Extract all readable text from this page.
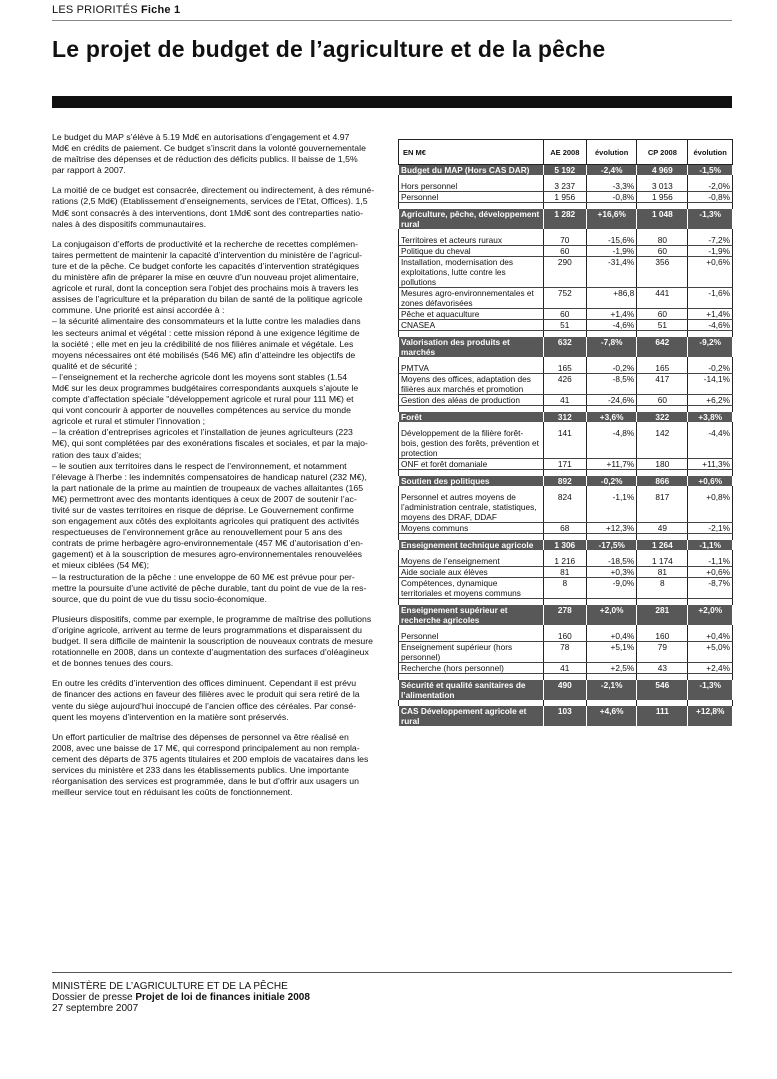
LES PRIORITÉS Fiche 1
Le projet de budget de l’agriculture et de la pêche

Le budget du MAP s’élève à 5.19 Md€ en autorisations d’engagement et 4.97
Md€ en crédits de paiement. Ce budget s’inscrit dans la volonté gouvernementale
de maîtrise des dépenses et de réduction des déficits publics. Il baisse de 1,5%
par rapport à 2007.

La moitié de ce budget est consacrée, directement ou indirectement, à des rémuné-
rations (2,5 Md€) (Etablissement d’enseignements, services de l’Etat, Offices). 1,5
Md€ sont consacrés à des interventions, dont 1Md€ sont des contreparties natio-
nales à des dispositifs communautaires.

La conjugaison d’efforts de productivité et la recherche de recettes complémen-
taires permettent de maintenir la capacité d’intervention du ministère de l’agricul-
ture et de la pêche. Ce budget conforte les capacités d’intervention stratégiques
du ministère afin de préparer la mise en œuvre d’un nouveau projet alimentaire,
agricole et rural, dont la conception sera l’objet des prochains mois à travers les
assises de l’agriculture et la préparation du bilan de santé de la politique agricole
commune. Une priorité est ainsi accordée à :
– la sécurité alimentaire des consommateurs et la lutte contre les maladies dans
les secteurs animal et végétal : cette mission répond à une exigence légitime de
la société ; elle met en jeu la crédibilité de nos filières animale et végétale. Les
moyens nécessaires ont été mobilisés (546 M€) afin d’atteindre les objectifs de
qualité et de sécurité ;
– l’enseignement et la recherche agricole dont les moyens sont stables (1.54
Md€ sur les deux programmes budgétaires correspondants auxquels s’ajoute le
compte d’affectation spéciale "développement agricole et rural pour 111 M€) et
qui vont concourir à apporter de nouvelles compétences au service du monde
agricole et rural et stimuler l’innovation ;
– la création d’entreprises agricoles et l’installation de jeunes agriculteurs (223
M€), qui sont complétées par des exonérations fiscales et sociales, et par la majo-
ration des taux d’aides;
– le soutien aux territoires dans le respect de l’environnement, et notamment
l’élevage à l’herbe : les indemnités compensatoires de handicap naturel (232 M€),
la part nationale de la prime au maintien de troupeaux de vaches allaitantes (165
M€) permettront avec des montants identiques à ceux de 2007 de soutenir l’ac-
tivité sur de vastes territoires en risque de déprise. Le Gouvernement confirme
son engagement aux côtés des exploitants agricoles qui pratiquent des activités
respectueuses de l’environnement grâce au renouvellement pour 5 ans des
contrats de prime herbagère agro-environnementale (457 M€ d’autorisation d’en-
gagement) et à la souscription de mesures agro-environnementales renouvelées
et mieux ciblées (54 M€);
– la restructuration de la pêche : une enveloppe de 60 M€ est prévue pour per-
mettre la poursuite d’une activité de pêche durable, tant du point de vue de la res-
source, que du point de vue du tissu socio-économique.

Plusieurs dispositifs, comme par exemple, le programme de maîtrise des pollutions
d’origine agricole, arrivent au terme de leurs programmations et disparaissent du
budget. Il sera difficile de maintenir la souscription de nouveaux contrats de mesure
rotationnelle en 2008, dans un contexte d’augmentation des surfaces d’oléagineux
et de bonnes tenues des cours.

En outre les crédits d’intervention des offices diminuent. Cependant il est prévu
de financer des actions en faveur des filières avec le produit qui sera retiré de la
vente du siège aujourd’hui inoccupé de l’ancien office des céréales. Par consé-
quent les moyens d’intervention en la matière sont préservés.

Un effort particulier de maîtrise des dépenses de personnel va être réalisé en
2008, avec une baisse de 17 M€, qui correspond principalement au non rempla-
cement des départs de 375 agents titulaires et 200 emplois de vacataires dans les
services du ministère et 233 dans les établissements publics. Une importante
réorganisation des services est programmée, dans le but d’offrir aux usagers un
meilleur service tout en réduisant les coûts de fonctionnement.

EN M€	AE 2008	évolution	CP 2008	évolution
Budget du MAP (Hors CAS DAR)	5 192	-2,4%	4 969	-1,5%

Hors personnel	3 237	-3,3%	3 013	-2,0%
Personnel	1 956	-0,8%	1 956	-0,8%

Agriculture, pêche, développement rural	1 282	+16,6%	1 048	-1,3%

Territoires et acteurs ruraux	70	-15,6%	80	-7,2%
Politique du cheval	60	-1,9%	60	-1,9%
Installation, modernisation des exploitations, lutte contre les pollutions	290	-31,4%	356	+0,6%
Mesures agro-environnementales et zones défavorisées	752	+86,8	441	-1,6%
Pêche et aquaculture	60	+1,4%	60	+1,4%
CNASEA	51	-4,6%	51	-4,6%

Valorisation des produits et marchés	632	-7,8%	642	-9,2%

PMTVA	165	-0,2%	165	-0,2%
Moyens des offices, adaptation des filières aux marchés et promotion	426	-8,5%	417	-14,1%
Gestion des aléas de production	41	-24,6%	60	+6,2%

Forêt	312	+3,6%	322	+3,8%

Développement de la filière forêt-bois, gestion des forêts, prévention et protection	141	-4,8%	142	-4,4%
ONF et forêt domaniale	171	+11,7%	180	+11,3%

Soutien des politiques	892	-0,2%	866	+0,6%

Personnel et autres moyens de l’administration centrale, statistiques, moyens des DRAF, DDAF	824	-1,1%	817	+0,8%
Moyens communs	68	+12,3%	49	-2,1%

Enseignement technique agricole	1 306	-17,5%	1 264	-1,1%

Moyens de l’enseignement	1 216	-18,5%	1 174	-1,1%
Aide sociale aux élèves	81	+0,3%	81	+0,6%
Compétences, dynamique territoriales et moyens communs	8	-9,0%	8	-8,7%

Enseignement supérieur et recherche agricoles	278	+2,0%	281	+2,0%

Personnel	160	+0,4%	160	+0,4%
Enseignement supérieur (hors personnel)	78	+5,1%	79	+5,0%
Recherche (hors personnel)	41	+2,5%	43	+2,4%

Sécurité et qualité sanitaires de l’alimentation	490	-2,1%	546	-1,3%

CAS Développement agricole et rural	103	+4,6%	111	+12,8%
MINISTÈRE DE L’AGRICULTURE ET DE LA PÊCHE
Dossier de presse Projet de loi de finances initiale 2008
27 septembre 2007
